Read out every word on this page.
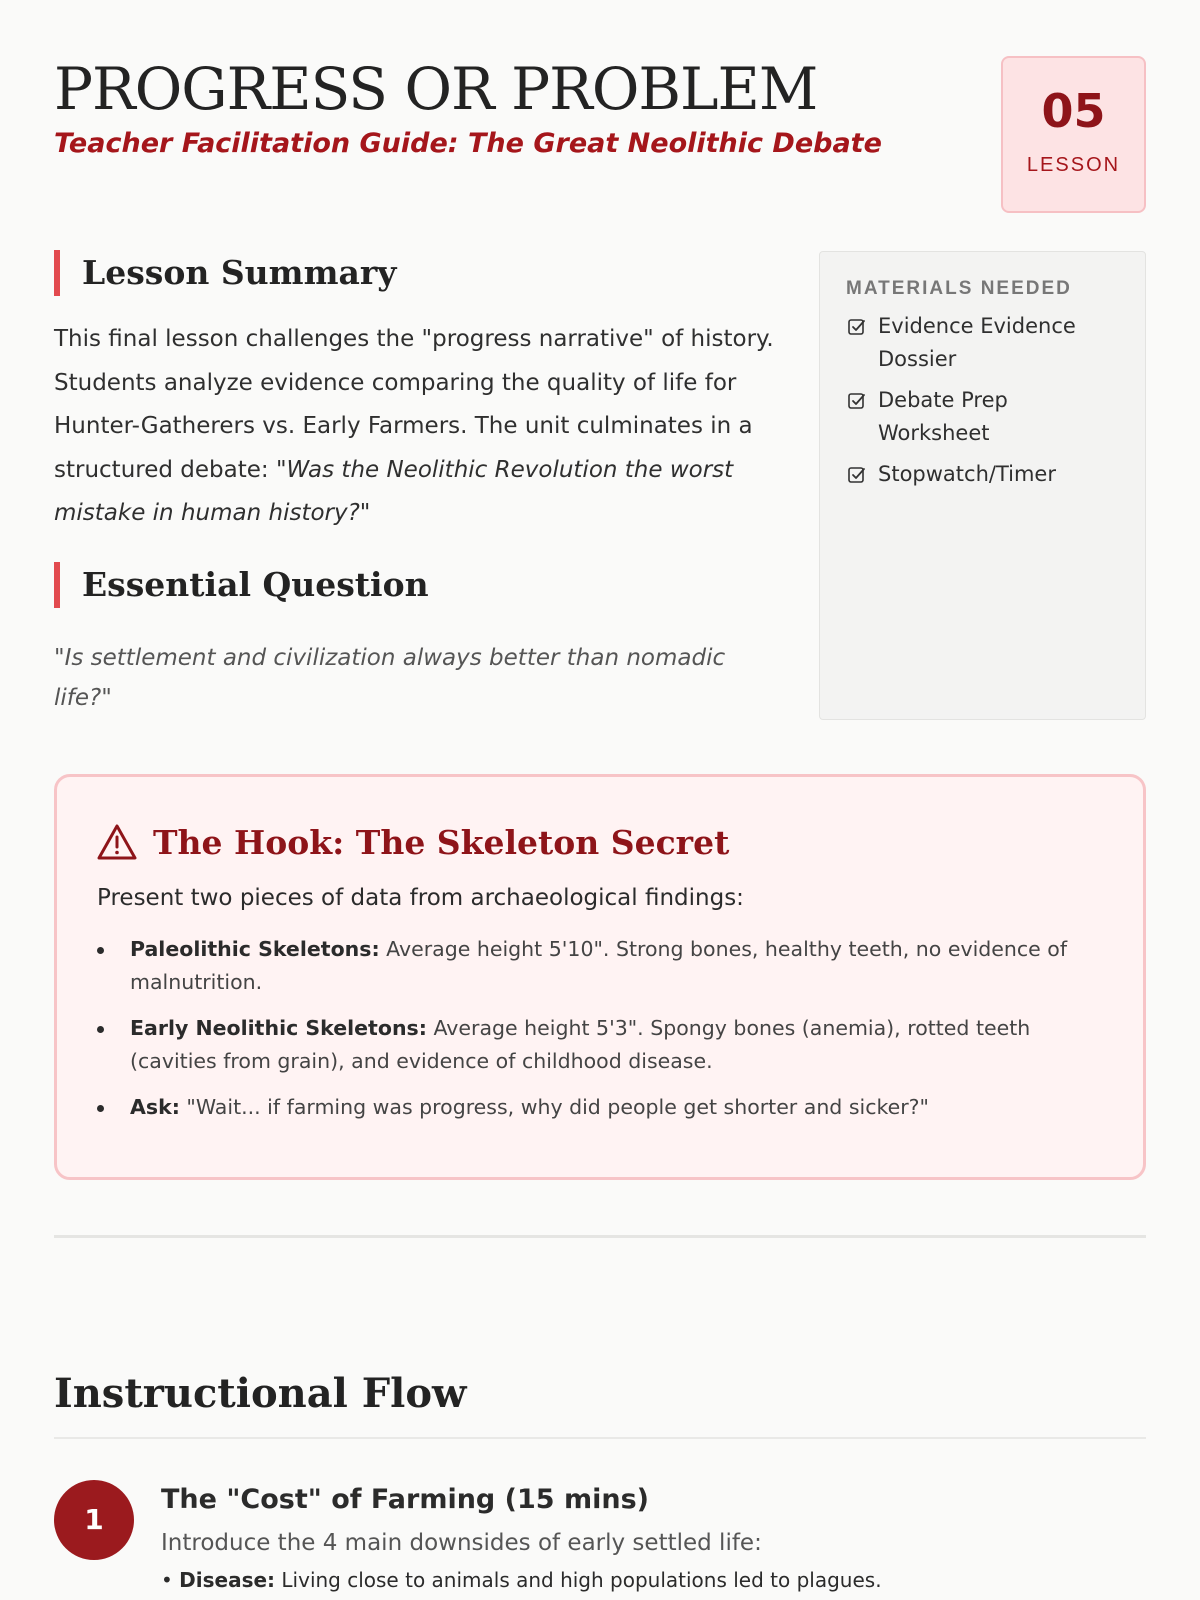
PROGRESS OR PROBLEM
Teacher Facilitation Guide: The Great Neolithic Debate
05
LESSON
Lesson Summary

This final lesson challenges the "progress narrative" of history. Students analyze evidence comparing the quality of life for Hunter-Gatherers vs. Early Farmers. The unit culminates in a structured debate: "Was the Neolithic Revolution the worst mistake in human history?"

Essential Question

"Is settlement and civilization always better than nomadic life?"

MATERIALS NEEDED
Evidence Evidence Dossier
Debate Prep Worksheet
Stopwatch/Timer
The Hook: The Skeleton Secret

Present two pieces of data from archaeological findings:

Paleolithic Skeletons: Average height 5'10". Strong bones, healthy teeth, no evidence of malnutrition.
Early Neolithic Skeletons: Average height 5'3". Spongy bones (anemia), rotted teeth (cavities from grain), and evidence of childhood disease.
Ask: "Wait... if farming was progress, why did people get shorter and sicker?"
Instructional Flow
1
The "Cost" of Farming (15 mins)
Introduce the 4 main downsides of early settled life:
• Disease: Living close to animals and high populations led to plagues.
